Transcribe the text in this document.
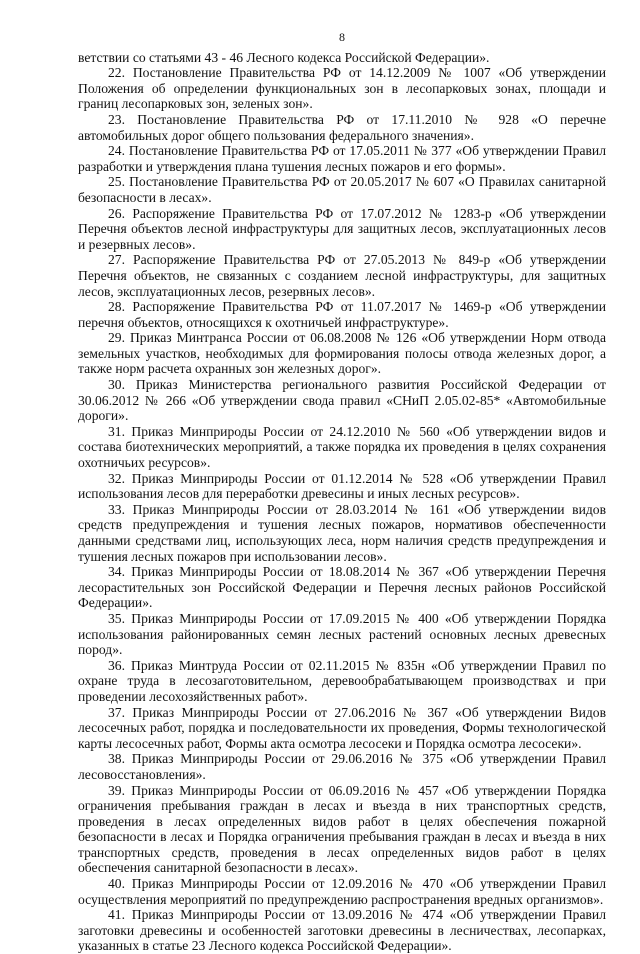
8

ветствии со статьями 43 - 46 Лесного кодекса Российской Федерации».

22. Постановление Правительства РФ от 14.12.2009 № 1007 «Об утверждении Положения об определении функциональных зон в лесопарковых зонах, площади и границ лесопарковых зон, зеленых зон».

23. Постановление Правительства РФ от 17.11.2010 № 928 «О перечне автомобильных дорог общего пользования федерального значения».

24. Постановление Правительства РФ от 17.05.2011 № 377 «Об утверждении Правил разработки и утверждения плана тушения лесных пожаров и его формы».

25. Постановление Правительства РФ от 20.05.2017 № 607 «О Правилах санитарной безопасности в лесах».

26. Распоряжение Правительства РФ от 17.07.2012 № 1283-р «Об утверждении Перечня объектов лесной инфраструктуры для защитных лесов, эксплуатационных лесов и резервных лесов».

27. Распоряжение Правительства РФ от 27.05.2013 № 849-р «Об утверждении Перечня объектов, не связанных с созданием лесной инфраструктуры, для защитных лесов, эксплуатационных лесов, резервных лесов».

28. Распоряжение Правительства РФ от 11.07.2017 № 1469-р «Об утверждении перечня объектов, относящихся к охотничьей инфраструктуре».

29. Приказ Минтранса России от 06.08.2008 № 126 «Об утверждении Норм отвода земельных участков, необходимых для формирования полосы отвода железных дорог, а также норм расчета охранных зон железных дорог».

30. Приказ Министерства регионального развития Российской Федерации от 30.06.2012 № 266 «Об утверждении свода правил «СНиП 2.05.02-85* «Автомобильные дороги».

31. Приказ Минприроды России от 24.12.2010 № 560 «Об утверждении видов и состава биотехнических мероприятий, а также порядка их проведения в целях сохранения охотничьих ресурсов».

32. Приказ Минприроды России от 01.12.2014 № 528 «Об утверждении Правил использования лесов для переработки древесины и иных лесных ресурсов».

33. Приказ Минприроды России от 28.03.2014 № 161 «Об утверждении видов средств предупреждения и тушения лесных пожаров, нормативов обеспеченности данными средствами лиц, использующих леса, норм наличия средств предупреждения и тушения лесных пожаров при использовании лесов».

34. Приказ Минприроды России от 18.08.2014 № 367 «Об утверждении Перечня лесорастительных зон Российской Федерации и Перечня лесных районов Российской Федерации».

35. Приказ Минприроды России от 17.09.2015 № 400 «Об утверждении Порядка использования районированных семян лесных растений основных лесных древесных пород».

36. Приказ Минтруда России от 02.11.2015 № 835н «Об утверждении Правил по охране труда в лесозаготовительном, деревообрабатывающем производствах и при проведении лесохозяйственных работ».

37. Приказ Минприроды России от 27.06.2016 № 367 «Об утверждении Видов лесосечных работ, порядка и последовательности их проведения, Формы технологической карты лесосечных работ, Формы акта осмотра лесосеки и Порядка осмотра лесосеки».

38. Приказ Минприроды России от 29.06.2016 № 375 «Об утверждении Правил лесовосстановления».

39. Приказ Минприроды России от 06.09.2016 № 457 «Об утверждении Порядка ограничения пребывания граждан в лесах и въезда в них транспортных средств, проведения в лесах определенных видов работ в целях обеспечения пожарной безопасности в лесах и Порядка ограничения пребывания граждан в лесах и въезда в них транспортных средств, проведения в лесах определенных видов работ в целях обеспечения санитарной безопасности в лесах».

40. Приказ Минприроды России от 12.09.2016 № 470 «Об утверждении Правил осуществления мероприятий по предупреждению распространения вредных организмов».

41. Приказ Минприроды России от 13.09.2016 № 474 «Об утверждении Правил заготовки древесины и особенностей заготовки древесины в лесничествах, лесопарках, указанных в статье 23 Лесного кодекса Российской Федерации».
